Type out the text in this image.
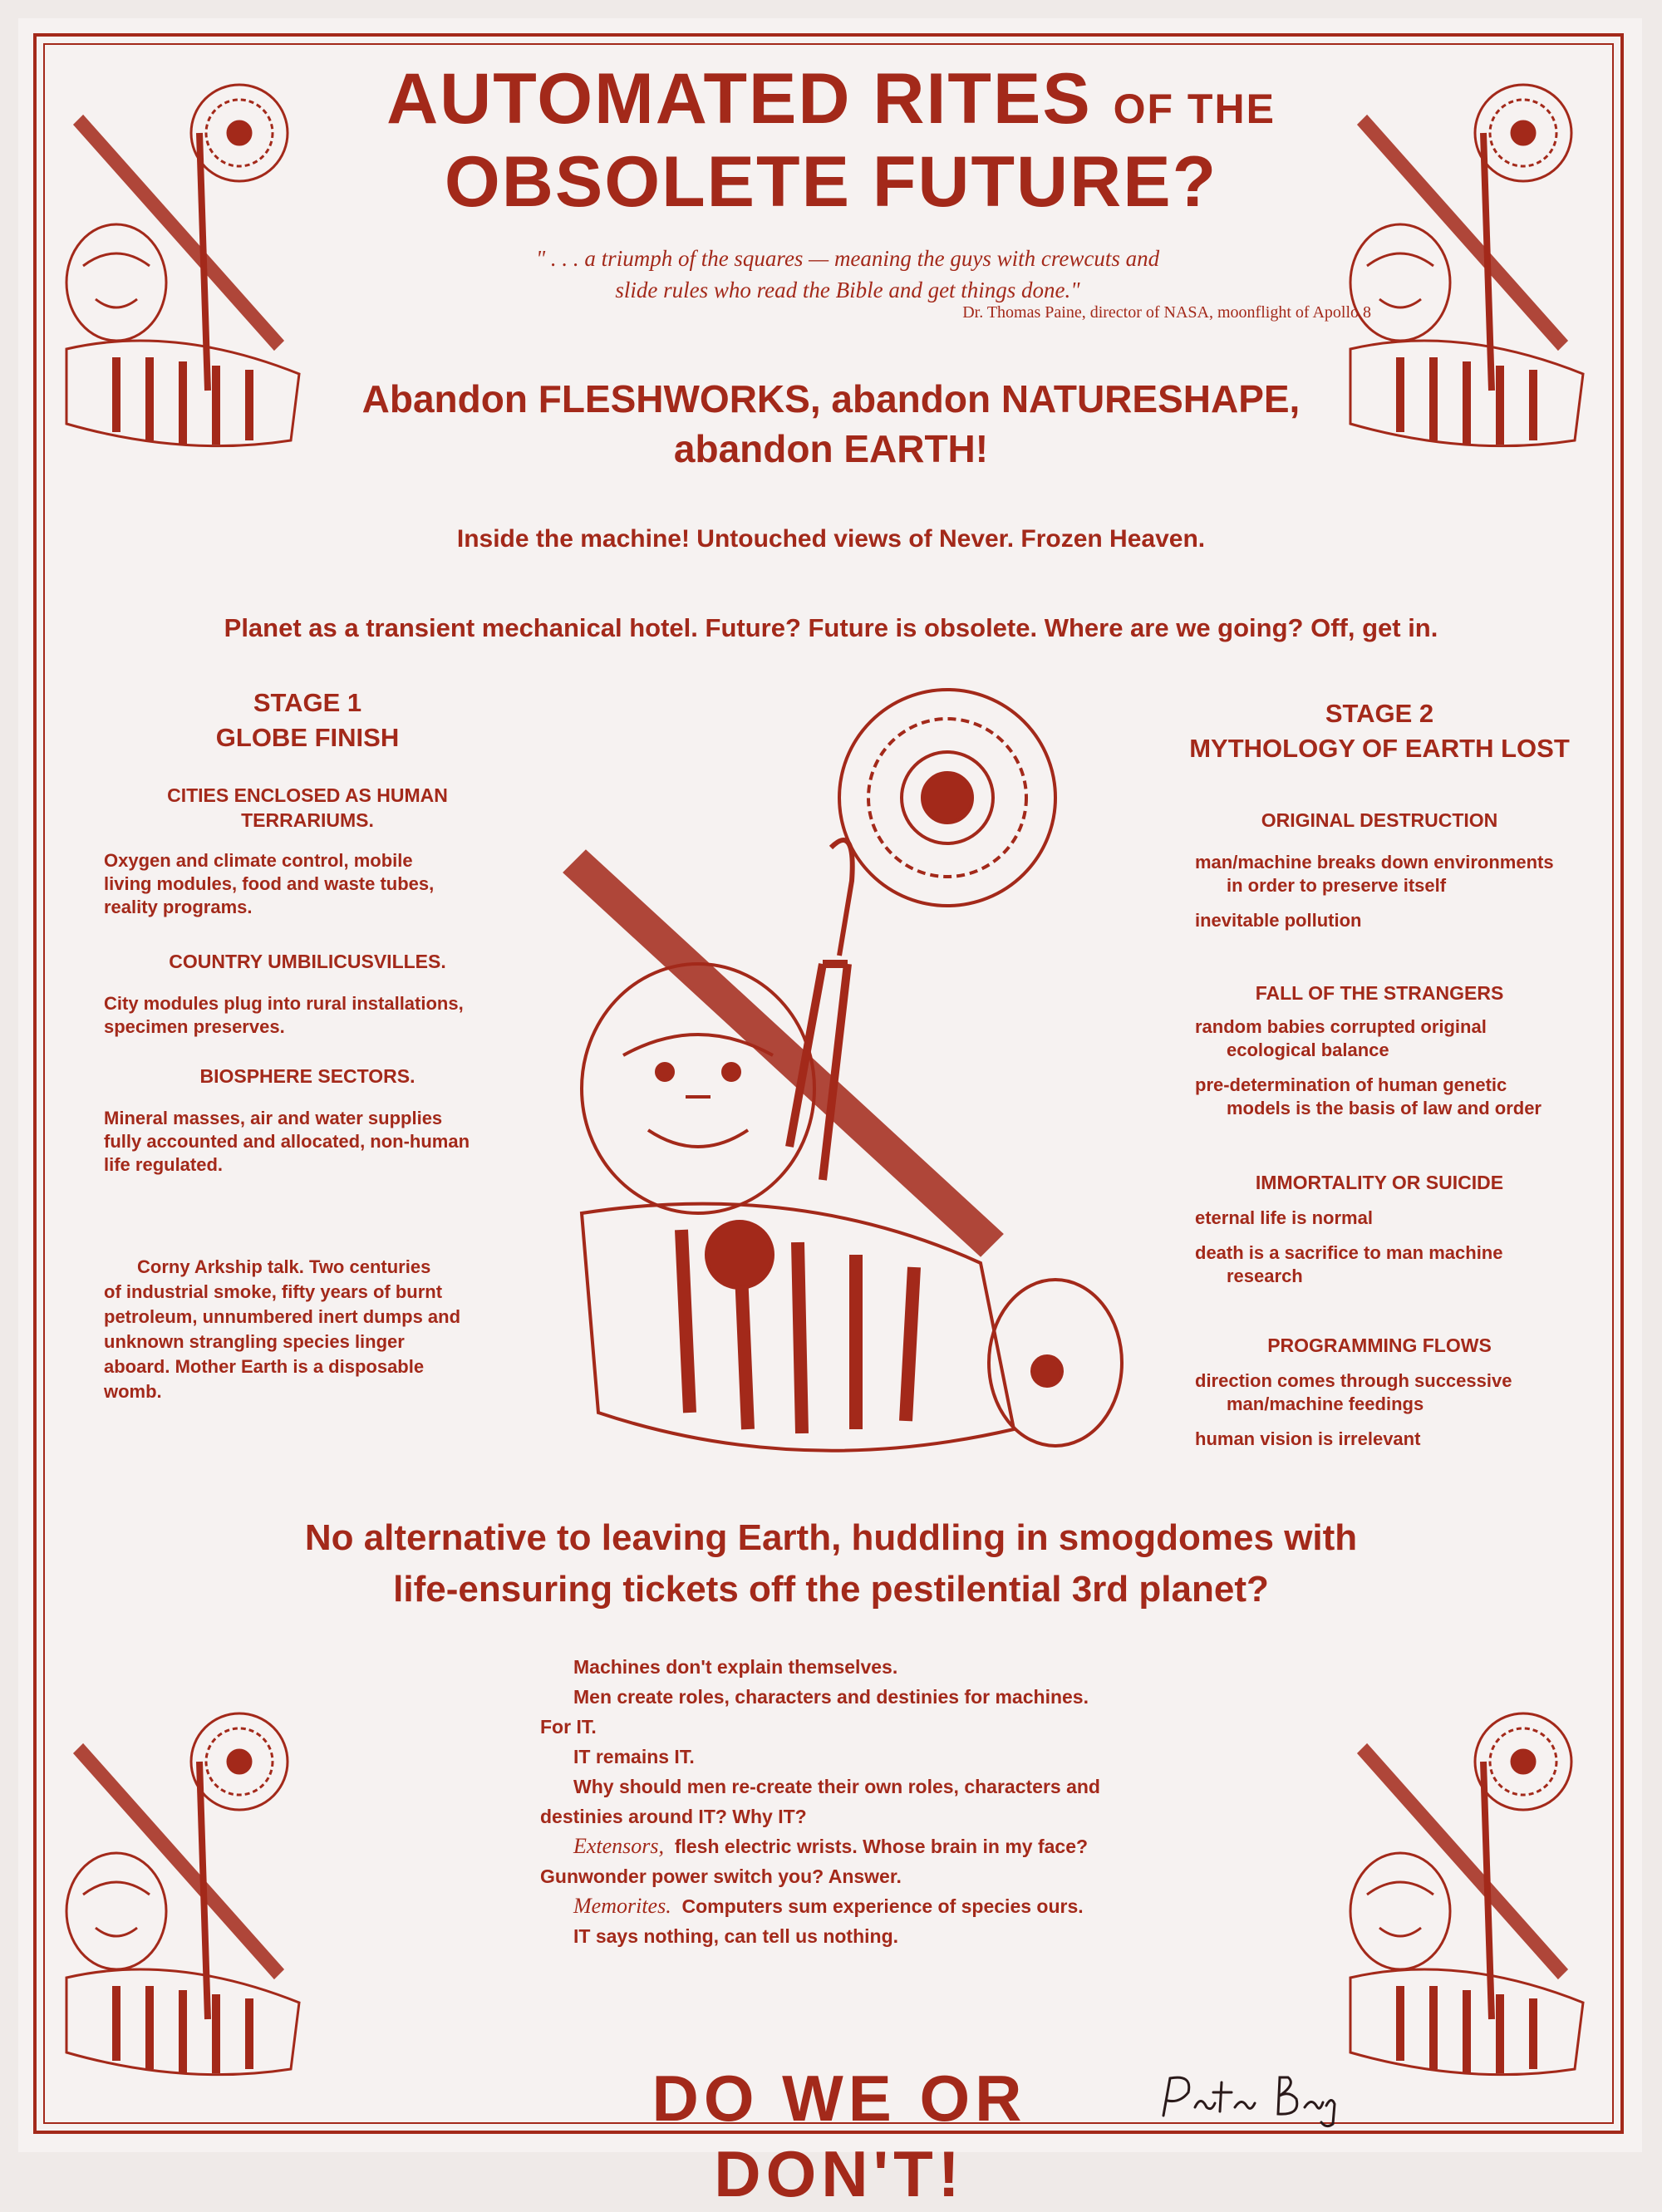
AUTOMATED RITES OF THE
OBSOLETE FUTURE?
" . . . a triumph of the squares — meaning the guys with crewcuts and
slide rules who read the Bible and get things done."
Dr. Thomas Paine, director of NASA, moonflight of Apollo 8
Abandon FLESHWORKS, abandon NATURESHAPE,
abandon EARTH!
Inside the machine! Untouched views of Never. Frozen Heaven.
Planet as a transient mechanical hotel. Future? Future is obsolete. Where are we going? Off, get in.
STAGE 1
GLOBE FINISH
CITIES ENCLOSED AS HUMAN
TERRARIUMS.
Oxygen and climate control, mobile
living modules, food and waste tubes,
reality programs.
COUNTRY UMBILICUSVILLES.
City modules plug into rural installations,
specimen preserves.
BIOSPHERE SECTORS.
Mineral masses, air and water supplies
fully accounted and allocated, non-human
life regulated.
Corny Arkship talk. Two centuries
of industrial smoke, fifty years of burnt
petroleum, unnumbered inert dumps and
unknown strangling species linger
aboard. Mother Earth is a disposable
womb.
STAGE 2
MYTHOLOGY OF EARTH LOST
ORIGINAL DESTRUCTION
man/machine breaks down environments
in order to preserve itself
inevitable pollution
FALL OF THE STRANGERS
random babies corrupted original
ecological balance
pre-determination of human genetic
models is the basis of law and order
IMMORTALITY OR SUICIDE
eternal life is normal
death is a sacrifice to man machine
research
PROGRAMMING FLOWS
direction comes through successive
man/machine feedings
human vision is irrelevant
No alternative to leaving Earth, huddling in smogdomes with
life-ensuring tickets off the pestilential 3rd planet?
Machines don't explain themselves.
Men create roles, characters and destinies for machines.
For IT.
IT remains IT.
Why should men re-create their own roles, characters and
destinies around IT? Why IT?
Extensors, flesh electric wrists. Whose brain in my face?
Gunwonder power switch you? Answer.
Memorites. Computers sum experience of species ours.
IT says nothing, can tell us nothing.
DO WE OR DON'T!
